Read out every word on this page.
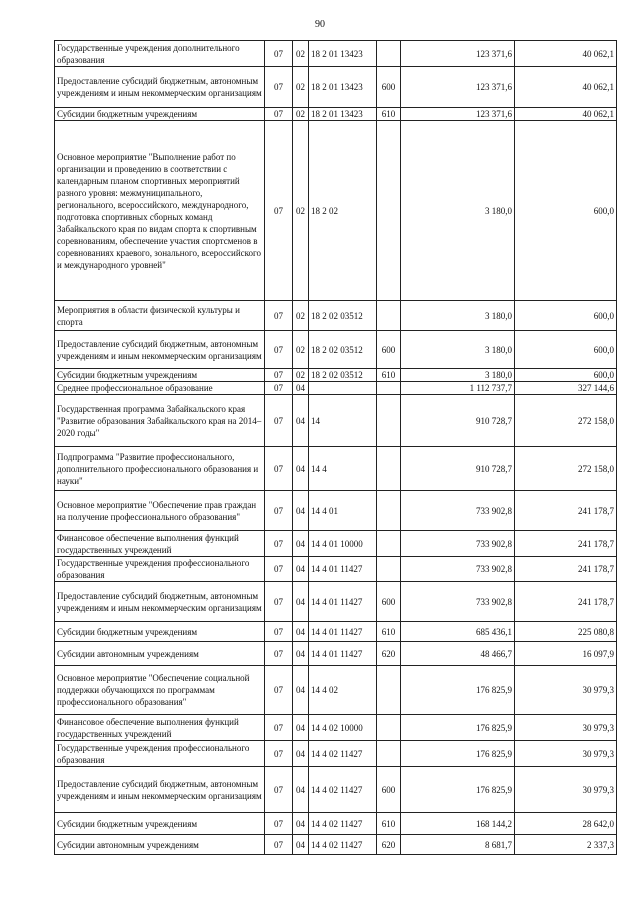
90
Государственные учреждения дополнительного образования	07	02	18 2 01 13423		123 371,6	40 062,1
Предоставление субсидий бюджетным, автономным учреждениям и иным некоммерческим организациям	07	02	18 2 01 13423	600	123 371,6	40 062,1
Субсидии бюджетным учреждениям	07	02	18 2 01 13423	610	123 371,6	40 062,1
Основное мероприятие "Выполнение работ по организации и проведению в соответствии с календарным планом спортивных мероприятий разного уровня: межмуниципального, регионального, всероссийского, международного, подготовка спортивных сборных команд Забайкальского края по видам спорта к спортивным соревнованиям, обеспечение участия спортсменов в соревнованиях краевого, зонального, всероссийского и международного уровней"	07	02	18 2 02		3 180,0	600,0
Мероприятия в области физической культуры и спорта	07	02	18 2 02 03512		3 180,0	600,0
Предоставление субсидий бюджетным, автономным учреждениям и иным некоммерческим организациям	07	02	18 2 02 03512	600	3 180,0	600,0
Субсидии бюджетным учреждениям	07	02	18 2 02 03512	610	3 180,0	600,0
Среднее профессиональное образование	07	04			1 112 737,7	327 144,6
Государственная программа Забайкальского края "Развитие образования Забайкальского края на 2014–2020 годы"	07	04	14		910 728,7	272 158,0
Подпрограмма "Развитие профессионального, дополнительного профессионального образования и науки"	07	04	14 4		910 728,7	272 158,0
Основное мероприятие "Обеспечение прав граждан на получение профессионального образования"	07	04	14 4 01		733 902,8	241 178,7
Финансовое обеспечение выполнения функций государственных учреждений	07	04	14 4 01 10000		733 902,8	241 178,7
Государственные учреждения профессионального образования	07	04	14 4 01 11427		733 902,8	241 178,7
Предоставление субсидий бюджетным, автономным учреждениям и иным некоммерческим организациям	07	04	14 4 01 11427	600	733 902,8	241 178,7
Субсидии бюджетным учреждениям	07	04	14 4 01 11427	610	685 436,1	225 080,8
Субсидии автономным учреждениям	07	04	14 4 01 11427	620	48 466,7	16 097,9
Основное мероприятие "Обеспечение социальной поддержки обучающихся по программам профессионального образования"	07	04	14 4 02		176 825,9	30 979,3
Финансовое обеспечение выполнения функций государственных учреждений	07	04	14 4 02 10000		176 825,9	30 979,3
Государственные учреждения профессионального образования	07	04	14 4 02 11427		176 825,9	30 979,3
Предоставление субсидий бюджетным, автономным учреждениям и иным некоммерческим организациям	07	04	14 4 02 11427	600	176 825,9	30 979,3
Субсидии бюджетным учреждениям	07	04	14 4 02 11427	610	168 144,2	28 642,0
Субсидии автономным учреждениям	07	04	14 4 02 11427	620	8 681,7	2 337,3
